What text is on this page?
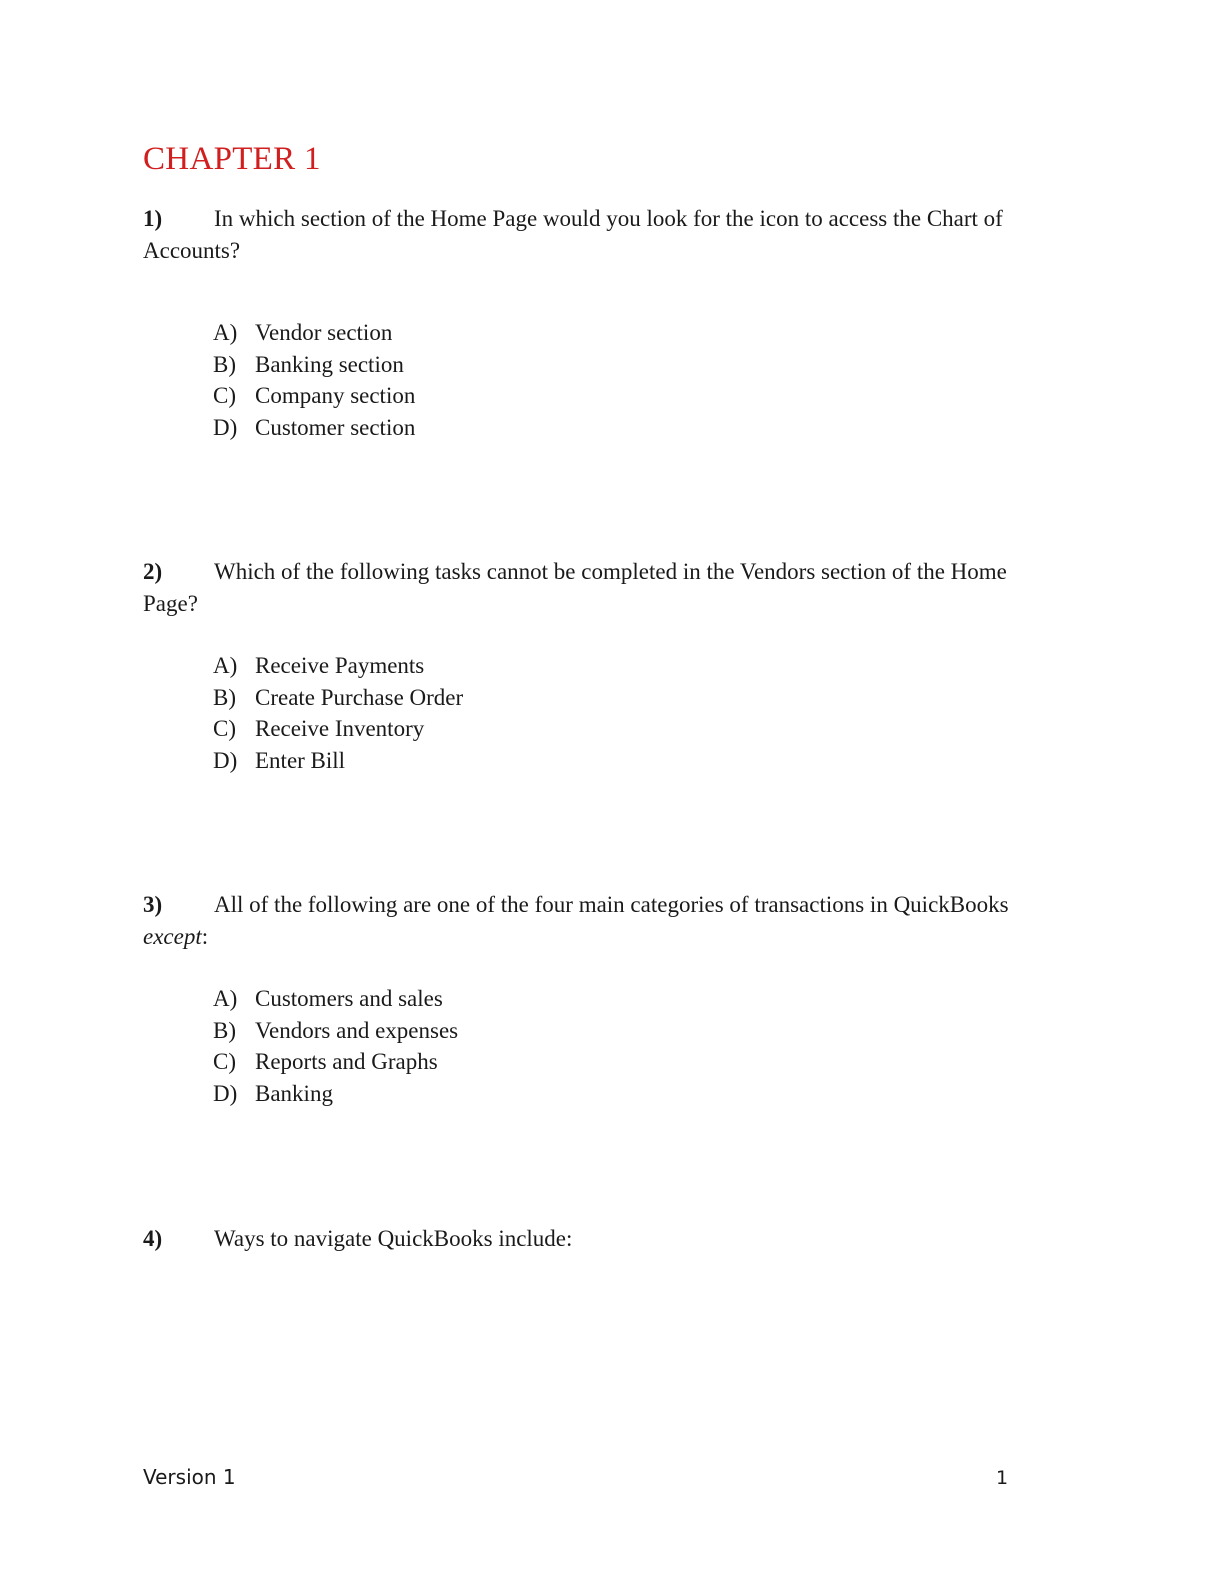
CHAPTER 1

1) In which section of the Home Page would you look for the icon to access the Chart of Accounts?

A) Vendor section
B) Banking section
C) Company section
D) Customer section

2) Which of the following tasks cannot be completed in the Vendors section of the Home Page?

A) Receive Payments
B) Create Purchase Order
C) Receive Inventory
D) Enter Bill

3) All of the following are one of the four main categories of transactions in QuickBooks
except:

A) Customers and sales
B) Vendors and expenses
C) Reports and Graphs
D) Banking

4) Ways to navigate QuickBooks include:

Version 1	1
